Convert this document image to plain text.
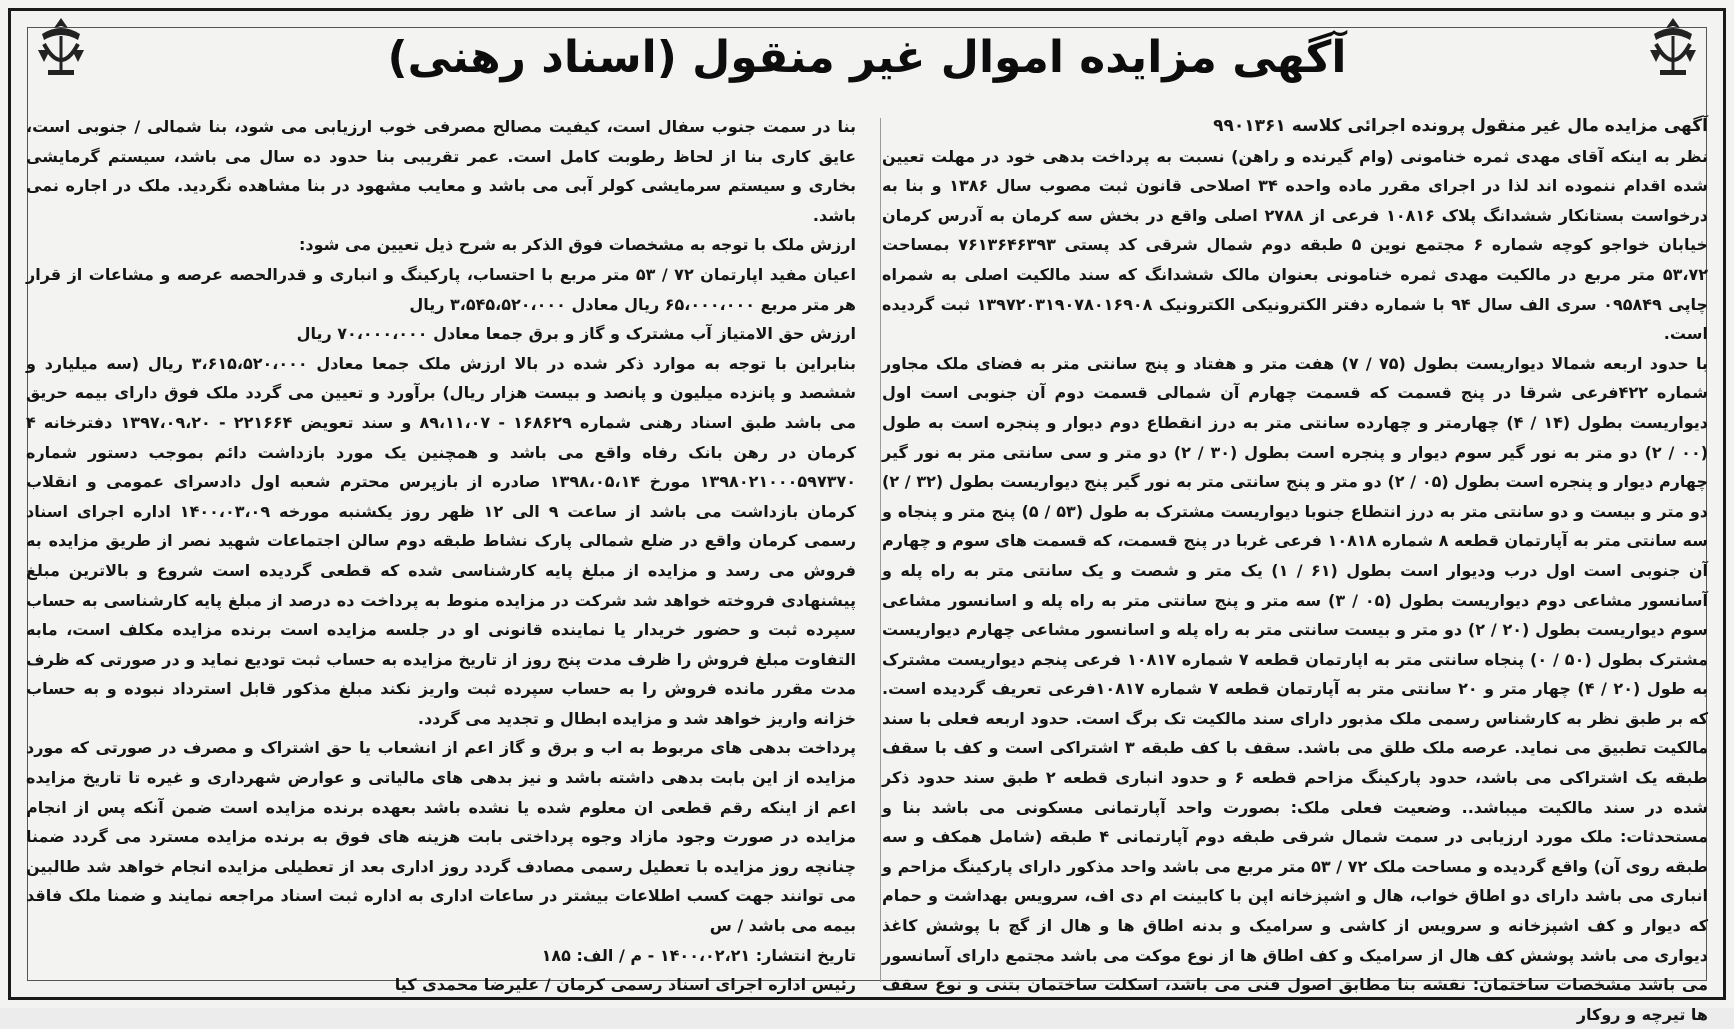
آگهی مزایده اموال غیر منقول (اسناد رهنی)

آگهی مزایده مال غیر منقول پرونده اجرائی کلاسه ۹۹۰۱۳۶۱

نظر به اینکه آقای مهدی ثمره خنامونی (وام گیرنده و راهن) نسبت به پرداخت بدهی خود در مهلت تعیین شده اقدام ننموده اند لذا در اجرای مقرر ماده واحده ۳۴ اصلاحی قانون ثبت مصوب سال ۱۳۸۶ و بنا به درخواست بستانکار ششدانگ پلاک ۱۰۸۱۶ فرعی از ۲۷۸۸ اصلی واقع در بخش سه کرمان به آدرس کرمان خیابان خواجو کوچه شماره ۶ مجتمع نوین ۵ طبقه دوم شمال شرقی کد پستی ۷۶۱۳۶۴۶۳۹۳ بمساحت ۵۳،۷۲ متر مربع در مالکیت مهدی ثمره خنامونی بعنوان مالک ششدانگ که سند مالکیت اصلی به شمراه چاپی ۰۹۵۸۴۹ سری الف سال ۹۴ با شماره دفتر الکترونیکی الکترونیک ۱۳۹۷۲۰۳۱۹۰۷۸۰۱۶۹۰۸ ثبت گردیده است.

با حدود اربعه شمالا دیواریست بطول (۷۵ / ۷) هفت متر و هفتاد و پنج سانتی متر به فضای ملک مجاور شماره ۴۲۲فرعی شرقا در پنج قسمت که قسمت چهارم آن شمالی قسمت دوم آن جنوبی است اول دیواریست بطول (۱۴ / ۴) چهارمتر و چهارده سانتی متر به درز انقطاع دوم دیوار و پنجره است به طول (۰۰ / ۲) دو متر به نور گیر سوم دیوار و پنجره است بطول (۳۰ / ۲) دو متر و سی سانتی متر به نور گیر چهارم دیوار و پنجره است بطول (۰۵ / ۲) دو متر و پنج سانتی متر به نور گیر پنج دیواریست بطول (۳۲ / ۲) دو متر و بیست و دو سانتی متر به درز انتطاع جنوبا دیواریست مشترک به طول (۵۳ / ۵) پنج متر و پنجاه و سه سانتی متر به آپارتمان قطعه ۸ شماره ۱۰۸۱۸ فرعی غربا در پنج قسمت، که قسمت های سوم و چهارم آن جنوبی است اول درب ودیوار است بطول (۶۱ / ۱) یک متر و شصت و یک سانتی متر به راه پله و آسانسور مشاعی دوم دیواریست بطول (۰۵ / ۳) سه متر و پنج سانتی متر به راه پله و اسانسور مشاعی سوم دیواریست بطول (۲۰ / ۲) دو متر و بیست سانتی متر به راه پله و اسانسور مشاعی چهارم دیواریست مشترک بطول (۵۰ / ۰) پنجاه سانتی متر به اپارتمان قطعه ۷ شماره ۱۰۸۱۷ فرعی پنجم دیواریست مشترک به طول (۲۰ / ۴) چهار متر و ۲۰ سانتی متر به آپارتمان قطعه ۷ شماره ۱۰۸۱۷فرعی تعریف گردیده است. که بر طبق نظر به کارشناس رسمی ملک مذبور دارای سند مالکیت تک برگ است. حدود اربعه فعلی با سند مالکیت تطبیق می نماید. عرصه ملک طلق می باشد. سقف با کف طبقه ۳ اشتراکی است و کف با سقف طبقه یک اشتراکی می باشد، حدود پارکینگ مزاحم قطعه ۶ و حدود انباری قطعه ۲ طبق سند حدود ذکر شده در سند مالکیت میباشد.. وضعیت فعلی ملک: بصورت واحد آپارتمانی مسکونی می باشد بنا و مستحدثات: ملک مورد ارزیابی در سمت شمال شرقی طبقه دوم آپارتمانی ۴ طبقه (شامل همکف و سه طبقه روی آن) واقع گردیده و مساحت ملک ۷۲ / ۵۳ متر مربع می باشد واحد مذکور دارای پارکینگ مزاحم و انباری می باشد دارای دو اطاق خواب، هال و اشپزخانه اپن با کابینت ام دی اف، سرویس بهداشت و حمام که دیوار و کف اشپزخانه و سرویس از کاشی و سرامیک و بدنه اطاق ها و هال از گچ با پوشش کاغذ دیواری می باشد پوشش کف هال از سرامیک و کف اطاق ها از نوع موکت می باشد مجتمع دارای آسانسور می باشد مشخصات ساختمان: نقشه بنا مطابق اصول فنی می باشد، اسکلت ساختمان بتنی و نوع سقف ها تیرچه و روکار

بنا در سمت جنوب سفال است، کیفیت مصالح مصرفی خوب ارزیابی می شود، بنا شمالی / جنوبی است، عایق کاری بنا از لحاظ رطوبت کامل است. عمر تقریبی بنا حدود ده سال می باشد، سیستم گرمایشی بخاری و سیستم سرمایشی کولر آبی می باشد و معایب مشهود در بنا مشاهده نگردید. ملک در اجاره نمی باشد.

ارزش ملک با توجه به مشخصات فوق الذکر به شرح ذیل تعیین می شود:

اعیان مفید اپارتمان ۷۲ / ۵۳ متر مربع با احتساب، پارکینگ و انباری و قدرالحصه عرصه و مشاعات از قرار هر متر مربع ۶۵،۰۰۰،۰۰۰ ریال معادل ۳،۵۴۵،۵۲۰،۰۰۰ ریال

ارزش حق الامتیاز آب مشترک و گاز و برق جمعا معادل ۷۰،۰۰۰،۰۰۰ ریال

بنابراین با توجه به موارد ذکر شده در بالا ارزش ملک جمعا معادل ۳،۶۱۵،۵۲۰،۰۰۰ ریال (سه میلیارد و ششصد و پانزده میلیون و پانصد و بیست هزار ریال) برآورد و تعیین می گردد ملک فوق دارای بیمه حریق می باشد طبق اسناد رهنی شماره ۱۶۸۶۲۹ - ۸۹،۱۱،۰۷ و سند تعویض ۲۲۱۶۶۴ - ۱۳۹۷،۰۹،۲۰ دفترخانه ۴ کرمان در رهن بانک رفاه واقع می باشد و همچنین یک مورد بازداشت دائم بموجب دستور شماره ۱۳۹۸۰۲۱۰۰۰۵۹۷۳۷۰ مورخ ۱۳۹۸،۰۵،۱۴ صادره از بازپرس محترم شعبه اول دادسرای عمومی و انقلاب کرمان بازداشت می باشد از ساعت ۹ الی ۱۲ ظهر روز یکشنبه مورخه ۱۴۰۰،۰۳،۰۹ اداره اجرای اسناد رسمی کرمان واقع در ضلع شمالی پارک نشاط طبقه دوم سالن اجتماعات شهید نصر از طریق مزایده به فروش می رسد و مزایده از مبلغ پایه کارشناسی شده که قطعی گردیده است شروع و بالاترین مبلغ پیشنهادی فروخته خواهد شد شرکت در مزایده منوط به پرداخت ده درصد از مبلغ پایه کارشناسی به حساب سپرده ثبت و حضور خریدار یا نماینده قانونی او در جلسه مزایده است برنده مزایده مکلف است، مابه التفاوت مبلغ فروش را ظرف مدت پنج روز از تاریخ مزایده به حساب ثبت تودیع نماید و در صورتی که ظرف مدت مقرر مانده فروش را به حساب سپرده ثبت واریز نکند مبلغ مذکور قابل استرداد نبوده و به حساب خزانه واریز خواهد شد و مزایده ابطال و تجدید می گردد.

پرداخت بدهی های مربوط به اب و برق و گاز اعم از انشعاب یا حق اشتراک و مصرف در صورتی که مورد مزایده از این بابت بدهی داشته باشد و نیز بدهی های مالیاتی و عوارض شهرداری و غیره تا تاریخ مزایده اعم از اینکه رقم قطعی ان معلوم شده یا نشده باشد بعهده برنده مزایده است ضمن آنکه پس از انجام مزایده در صورت وجود مازاد وجوه پرداختی بابت هزینه های فوق به برنده مزایده مسترد می گردد ضمنا چنانچه روز مزایده با تعطیل رسمی مصادف گردد روز اداری بعد از تعطیلی مزایده انجام خواهد شد طالبین می توانند جهت کسب اطلاعات بیشتر در ساعات اداری به اداره ثبت اسناد مراجعه نمایند و ضمنا ملک فاقد بیمه می باشد / س

تاریخ انتشار: ۱۴۰۰،۰۲،۲۱ - م / الف: ۱۸۵

رئیس اداره اجرای اسناد رسمی کرمان / علیرضا محمدی کیا
